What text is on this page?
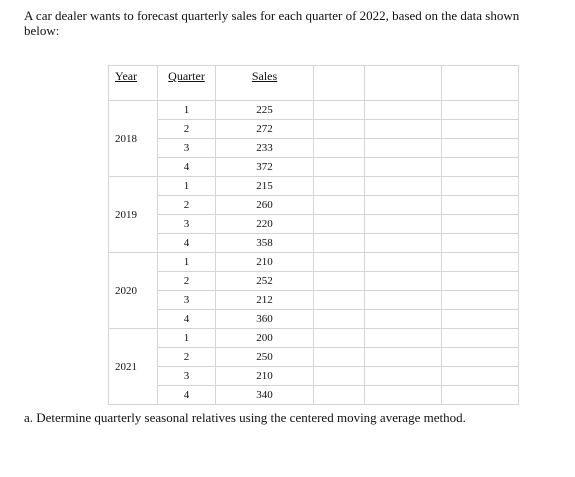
A car dealer wants to forecast quarterly sales for each quarter of 2022, based on the data shown below:

Year	Quarter	Sales			

2018	1	225			
	2	272			
	3	233			
	4	372			

2019	1	215			
	2	260			
	3	220			
	4	358			

2020	1	210			
	2	252			
	3	212			
	4	360			

2021	1	200			
	2	250			
	3	210			
	4	340			

a. Determine quarterly seasonal relatives using the centered moving average method.
